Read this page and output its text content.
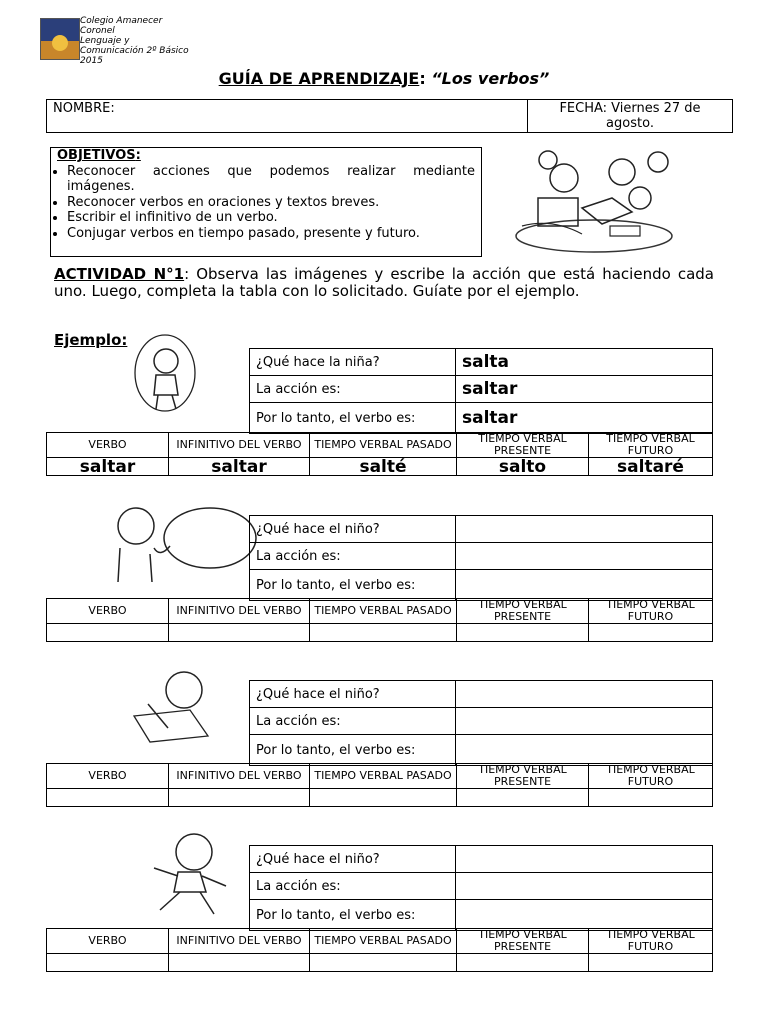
Colegio Amanecer
Coronel
Lenguaje y
Comunicación 2º Básico
2015
GUÍA DE APRENDIZAJE: “Los verbos”
NOMBRE:	FECHA: Viernes 27 de agosto.
OBJETIVOS:
• Reconocer acciones que podemos realizar mediante imágenes.
• Reconocer verbos en oraciones y textos breves.
• Escribir el infinitivo de un verbo.
• Conjugar verbos en tiempo pasado, presente y futuro.
ACTIVIDAD N°1: Observa las imágenes y escribe la acción que está haciendo cada uno. Luego, completa la tabla con lo solicitado. Guíate por el ejemplo.
Ejemplo:
¿Qué hace la niña?	salta
La acción es:	saltar
Por lo tanto, el verbo es:	saltar
VERBO	INFINITIVO DEL VERBO	TIEMPO VERBAL PASADO	TIEMPO VERBAL PRESENTE	TIEMPO VERBAL FUTURO
saltar	saltar	salté	salto	saltaré
¿Qué hace el niño?	
La acción es:	
Por lo tanto, el verbo es:	
VERBO	INFINITIVO DEL VERBO	TIEMPO VERBAL PASADO	TIEMPO VERBAL PRESENTE	TIEMPO VERBAL FUTURO

¿Qué hace el niño?	
La acción es:	
Por lo tanto, el verbo es:	
VERBO	INFINITIVO DEL VERBO	TIEMPO VERBAL PASADO	TIEMPO VERBAL PRESENTE	TIEMPO VERBAL FUTURO

¿Qué hace el niño?	
La acción es:	
Por lo tanto, el verbo es:	
VERBO	INFINITIVO DEL VERBO	TIEMPO VERBAL PASADO	TIEMPO VERBAL PRESENTE	TIEMPO VERBAL FUTURO
